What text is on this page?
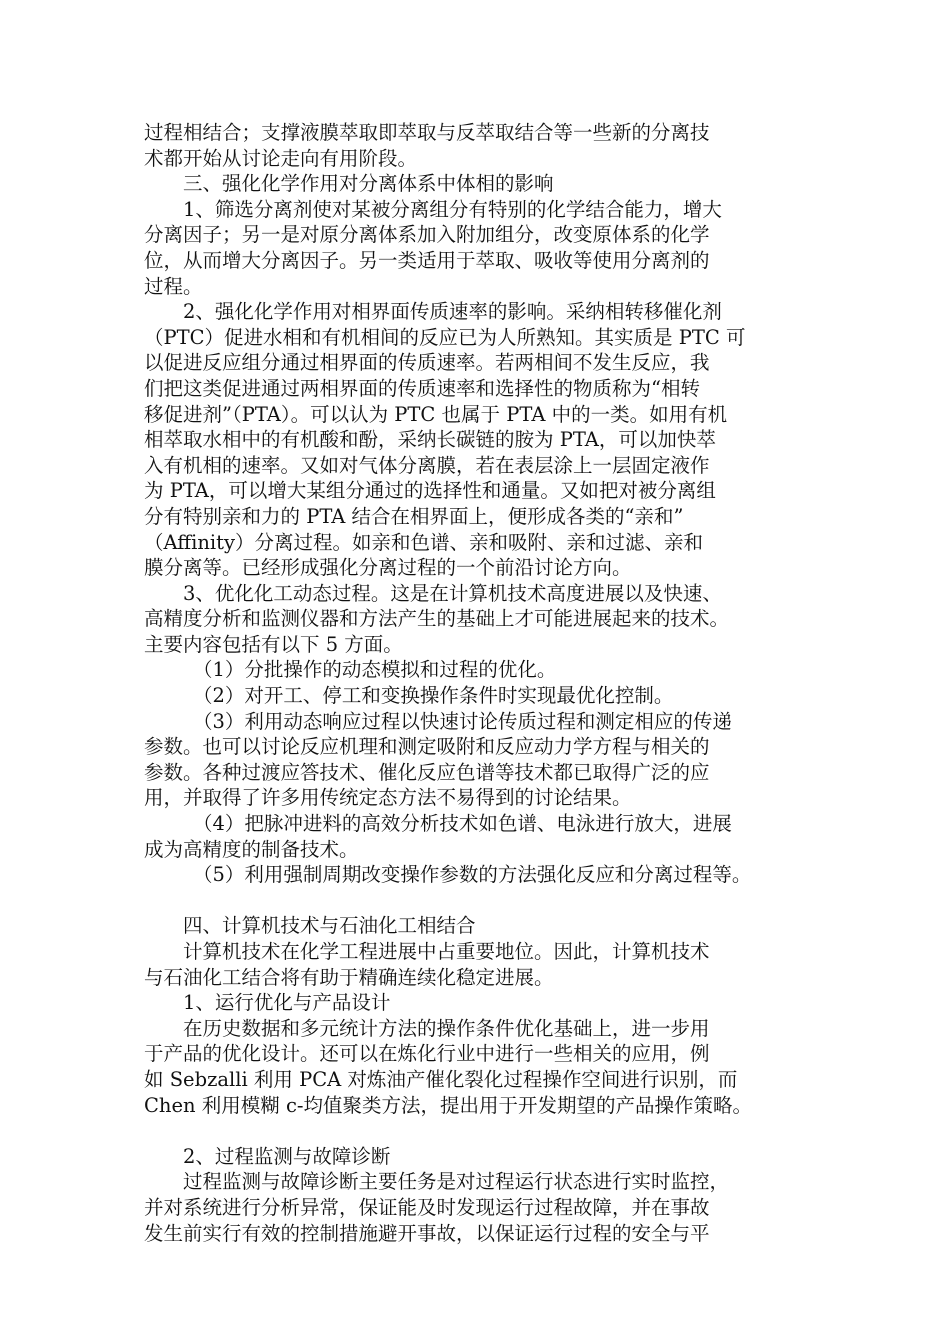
过程相结合；支撑液膜萃取即萃取与反萃取结合等一些新的分离技
术都开始从讨论走向有用阶段。
三、强化化学作用对分离体系中体相的影响
1、筛选分离剂使对某被分离组分有特别的化学结合能力，增大
分离因子；另一是对原分离体系加入附加组分，改变原体系的化学
位，从而增大分离因子。另一类适用于萃取、吸收等使用分离剂的
过程。
2、强化化学作用对相界面传质速率的影响。采纳相转移催化剂
（PTC）促进水相和有机相间的反应已为人所熟知。其实质是 PTC 可
以促进反应组分通过相界面的传质速率。若两相间不发生反应，我
们把这类促进通过两相界面的传质速率和选择性的物质称为“相转
移促进剂”（PTA）。可以认为 PTC 也属于 PTA 中的一类。如用有机
相萃取水相中的有机酸和酚，采纳长碳链的胺为 PTA，可以加快萃
入有机相的速率。又如对气体分离膜，若在表层涂上一层固定液作
为 PTA，可以增大某组分通过的选择性和通量。又如把对被分离组
分有特别亲和力的 PTA 结合在相界面上，便形成各类的“亲和”
（Affinity）分离过程。如亲和色谱、亲和吸附、亲和过滤、亲和
膜分离等。已经形成强化分离过程的一个前沿讨论方向。
3、优化化工动态过程。这是在计算机技术高度进展以及快速、
高精度分析和监测仪器和方法产生的基础上才可能进展起来的技术。
主要内容包括有以下 5 方面。
（1）分批操作的动态模拟和过程的优化。
（2）对开工、停工和变换操作条件时实现最优化控制。
（3）利用动态响应过程以快速讨论传质过程和测定相应的传递
参数。也可以讨论反应机理和测定吸附和反应动力学方程与相关的
参数。各种过渡应答技术、催化反应色谱等技术都已取得广泛的应
用，并取得了许多用传统定态方法不易得到的讨论结果。
（4）把脉冲进料的高效分析技术如色谱、电泳进行放大，进展
成为高精度的制备技术。
（5）利用强制周期改变操作参数的方法强化反应和分离过程等。
四、计算机技术与石油化工相结合
计算机技术在化学工程进展中占重要地位。因此，计算机技术
与石油化工结合将有助于精确连续化稳定进展。
1、运行优化与产品设计
在历史数据和多元统计方法的操作条件优化基础上，进一步用
于产品的优化设计。还可以在炼化行业中进行一些相关的应用，例
如 Sebzalli 利用 PCA 对炼油产催化裂化过程操作空间进行识别，而
Chen 利用模糊 c-均值聚类方法，提出用于开发期望的产品操作策略。
2、过程监测与故障诊断
过程监测与故障诊断主要任务是对过程运行状态进行实时监控，
并对系统进行分析异常，保证能及时发现运行过程故障，并在事故
发生前实行有效的控制措施避开事故，以保证运行过程的安全与平
